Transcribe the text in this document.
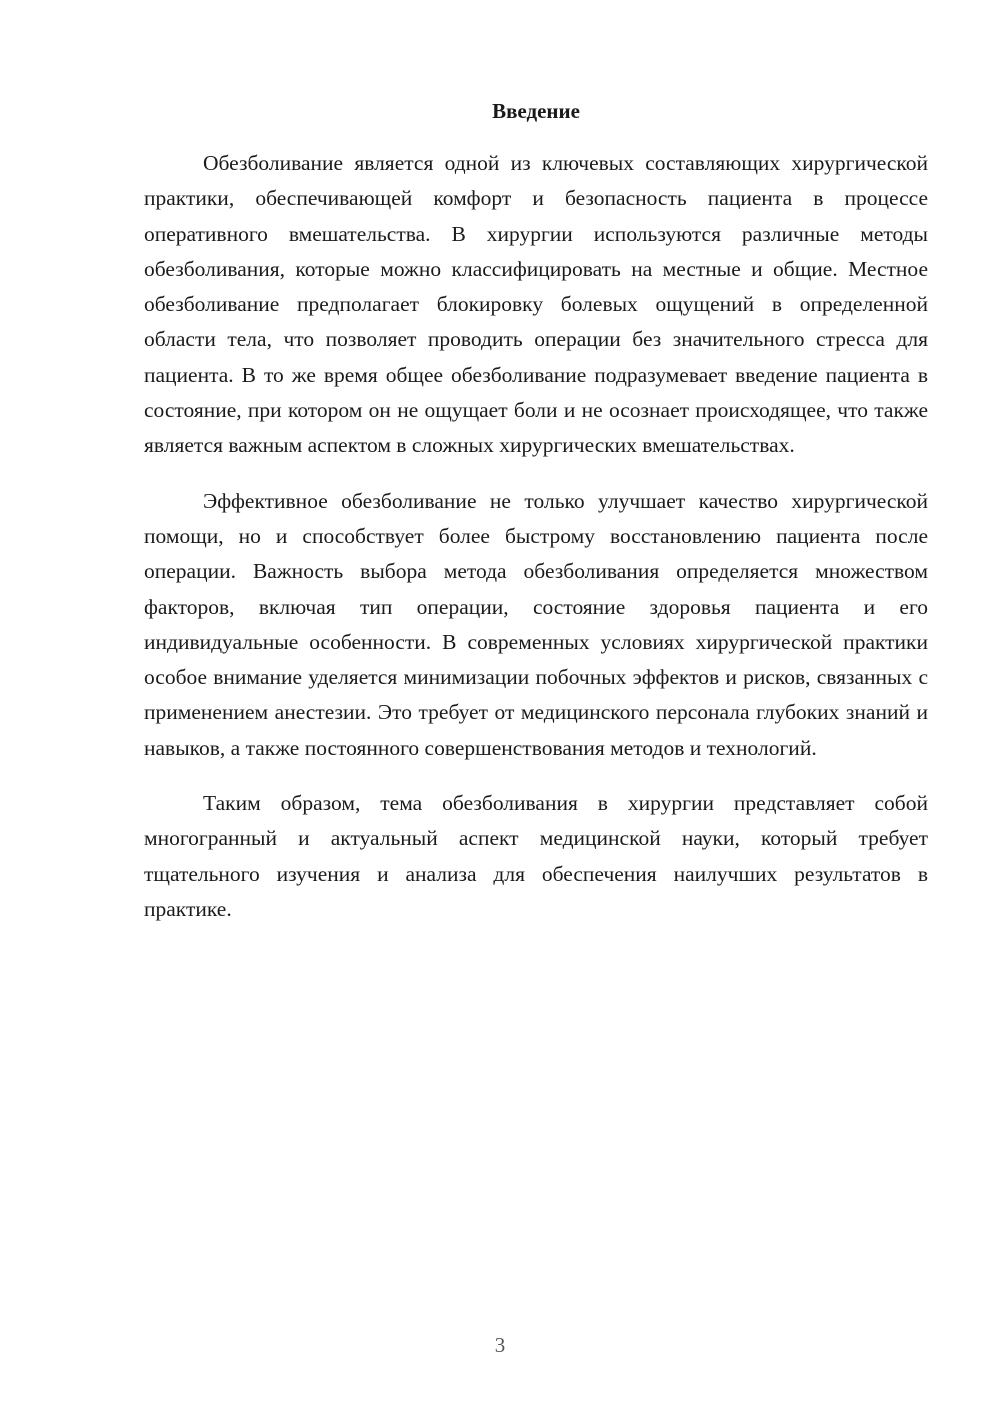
Введение

Обезболивание является одной из ключевых составляющих хирургической практики, обеспечивающей комфорт и безопасность пациента в процессе оперативного вмешательства. В хирургии используются различные методы обезболивания, которые можно классифицировать на местные и общие. Местное обезболивание предполагает блокировку болевых ощущений в определенной области тела, что позволяет проводить операции без значительного стресса для пациента. В то же время общее обезболивание подразумевает введение пациента в состояние, при котором он не ощущает боли и не осознает происходящее, что также является важным аспектом в сложных хирургических вмешательствах.

Эффективное обезболивание не только улучшает качество хирургической помощи, но и способствует более быстрому восстановлению пациента после операции. Важность выбора метода обезболивания определяется множеством факторов, включая тип операции, состояние здоровья пациента и его индивидуальные особенности. В современных условиях хирургической практики особое внимание уделяется минимизации побочных эффектов и рисков, связанных с применением анестезии. Это требует от медицинского персонала глубоких знаний и навыков, а также постоянного совершенствования методов и технологий.

Таким образом, тема обезболивания в хирургии представляет собой многогранный и актуальный аспект медицинской науки, который требует тщательного изучения и анализа для обеспечения наилучших результатов в практике.

3
